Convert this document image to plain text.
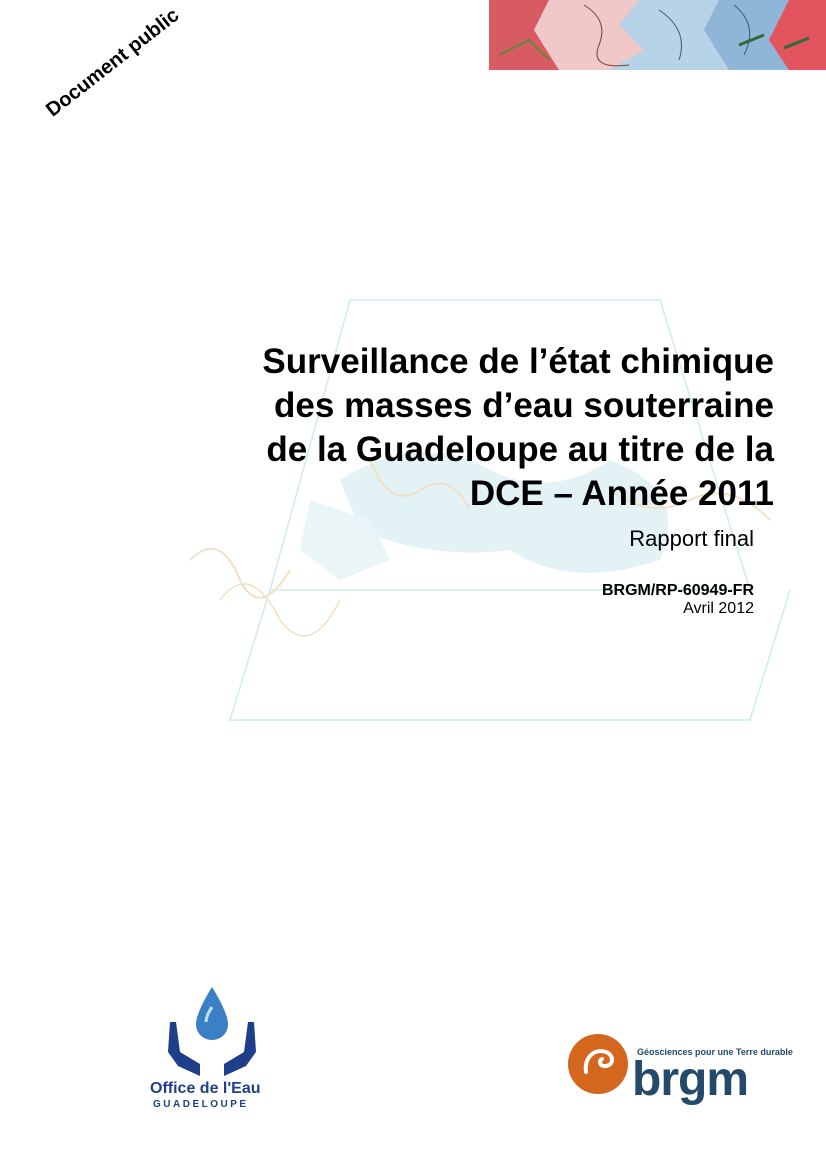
Document public
Surveillance de l’état chimique
des masses d’eau souterraine
de la Guadeloupe au titre de la
DCE – Année 2011
Rapport final
BRGM/RP-60949-FR
Avril 2012
Office de l'Eau
GUADELOUPE
Géosciences pour une Terre durable
brgm
